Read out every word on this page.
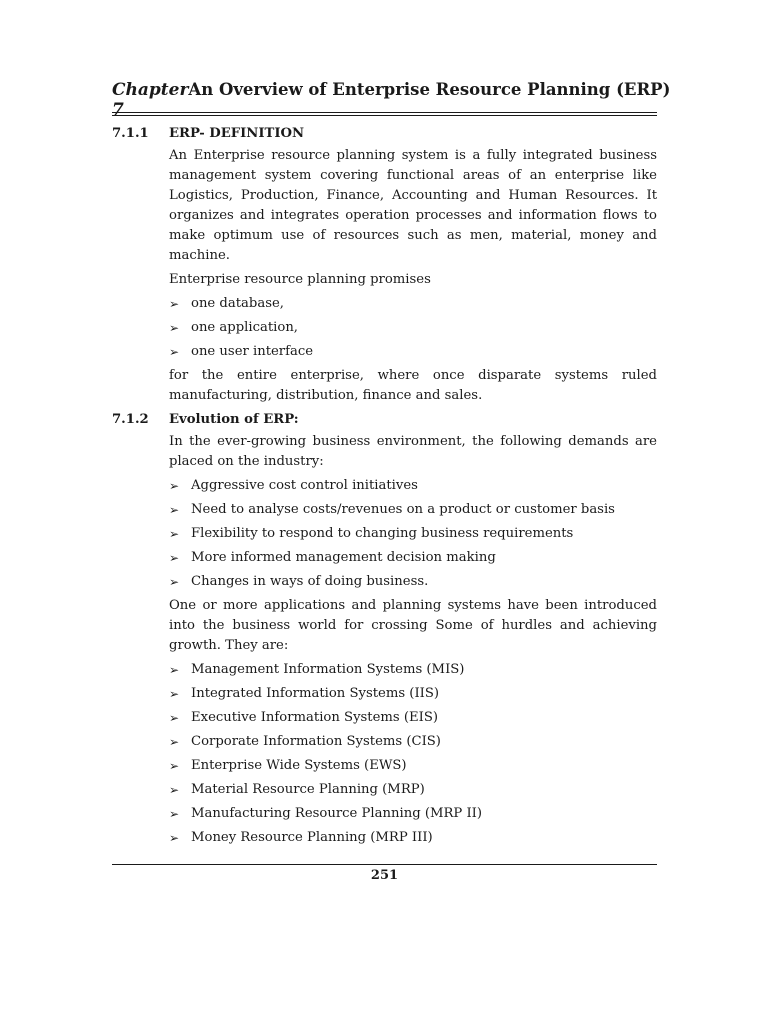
Chapter 7
An Overview of Enterprise Resource Planning (ERP)
7.1.1	ERP- DEFINITION

An Enterprise resource planning system is a fully integrated business management system covering functional areas of an enterprise like Logistics, Production, Finance, Accounting and Human Resources. It organizes and integrates operation processes and information flows to make optimum use of resources such as men, material, money and machine.

Enterprise resource planning promises

➢ one database,
➢ one application,
➢ one user interface

for the entire enterprise, where once disparate systems ruled manufacturing, distribution, finance and sales.

7.1.2	Evolution of ERP:

In the ever-growing business environment, the following demands are placed on the industry:

➢ Aggressive cost control initiatives
➢ Need to analyse costs/revenues on a product or customer basis
➢ Flexibility to respond to changing business requirements
➢ More informed management decision making
➢ Changes in ways of doing business.

One or more applications and planning systems have been introduced into the business world for crossing Some of hurdles and achieving growth. They are:

➢ Management Information Systems (MIS)
➢ Integrated Information Systems (IIS)
➢ Executive Information Systems (EIS)
➢ Corporate Information Systems (CIS)
➢ Enterprise Wide Systems (EWS)
➢ Material Resource Planning (MRP)
➢ Manufacturing Resource Planning (MRP II)
➢ Money Resource Planning (MRP III)
251
